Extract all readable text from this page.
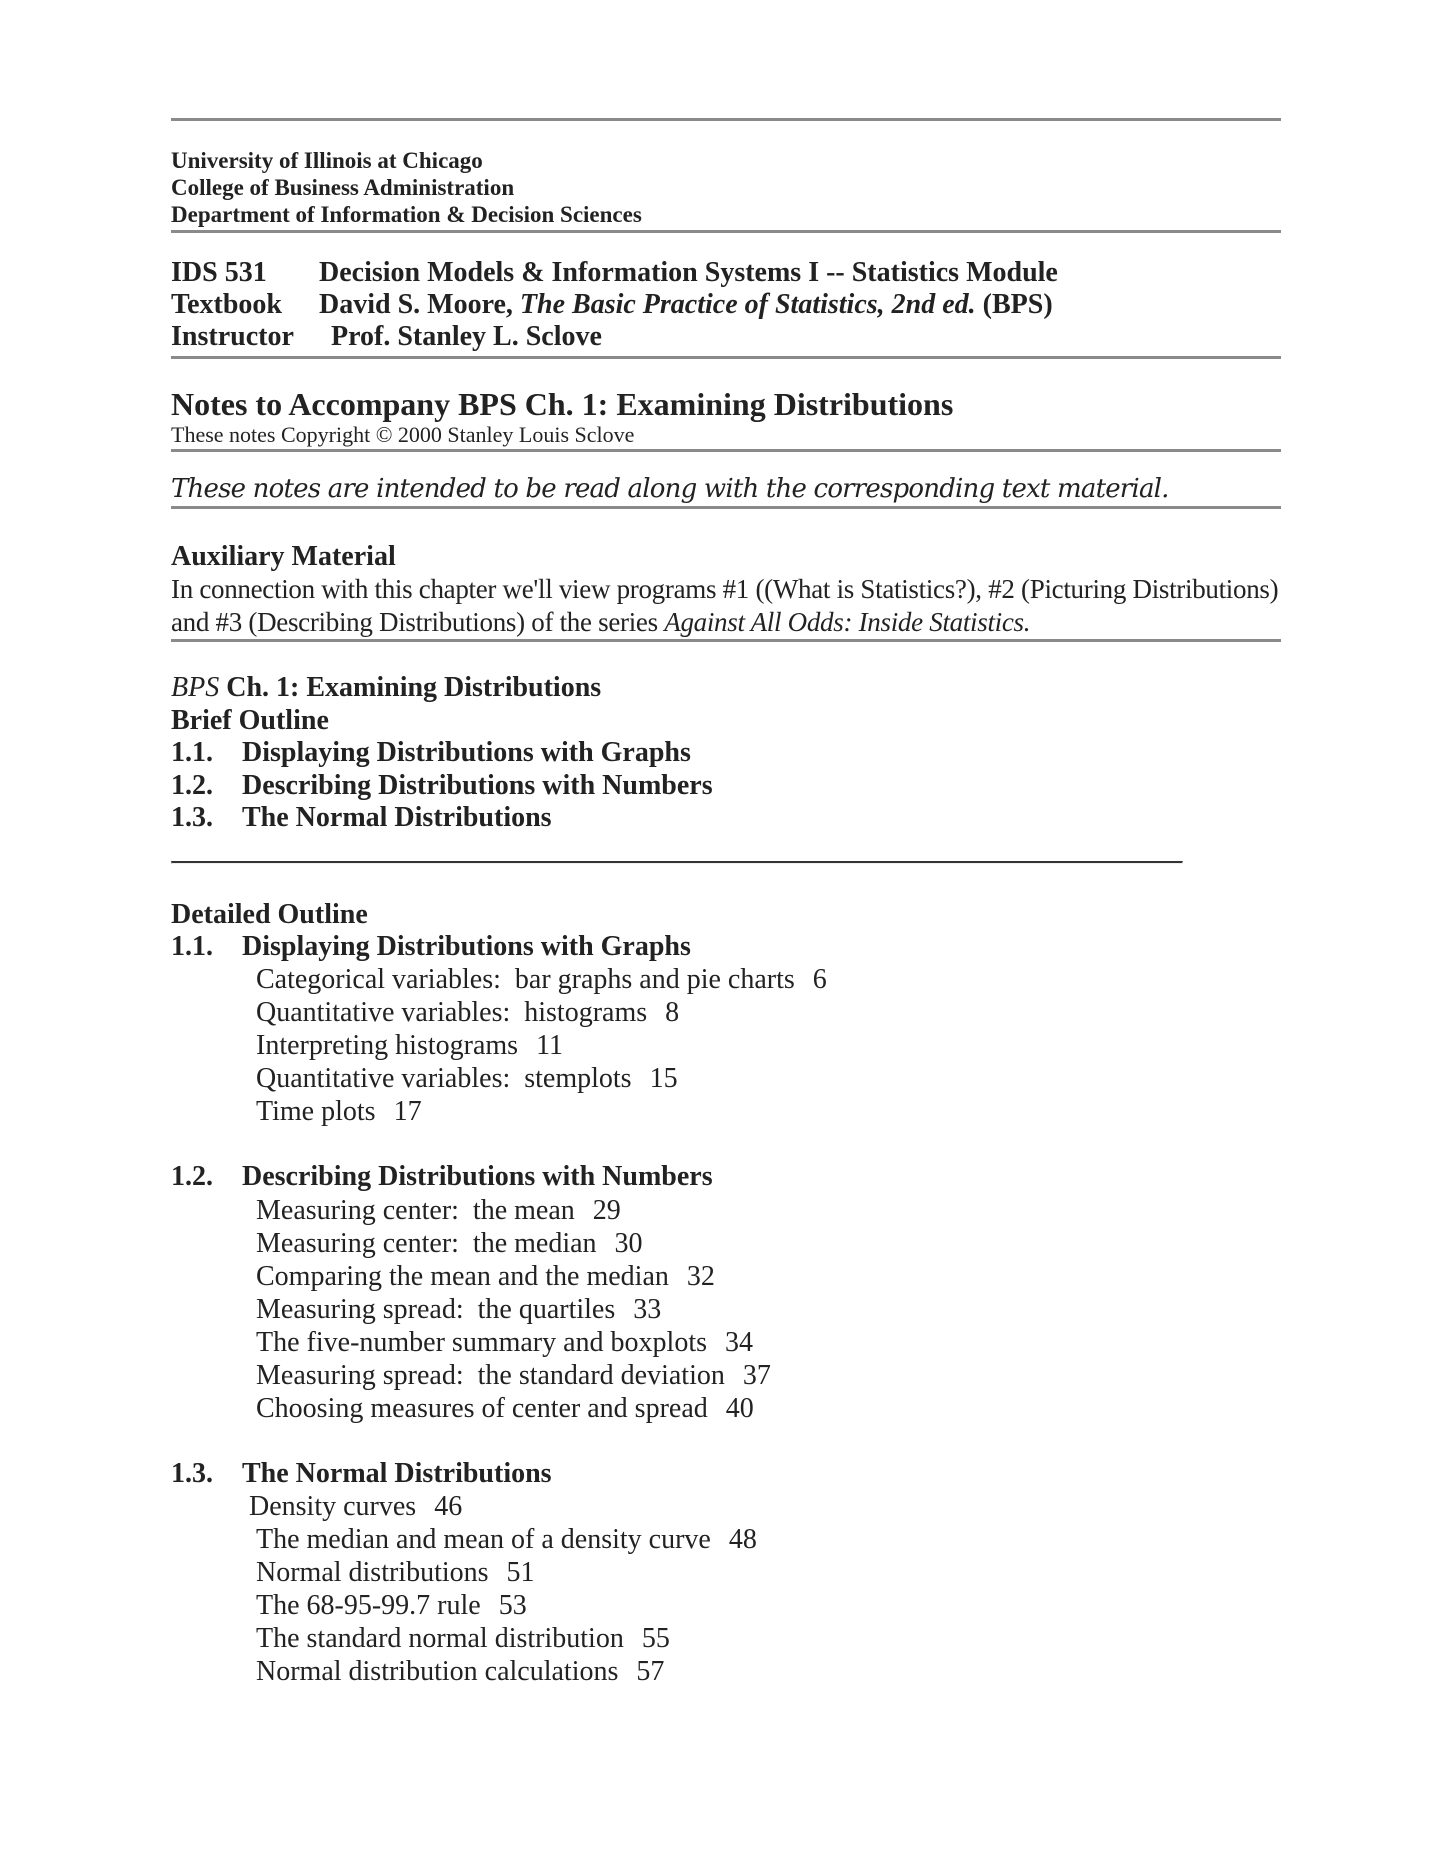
University of Illinois at Chicago
College of Business Administration
Department of Information & Decision Sciences
IDS 531	Decision Models & Information Systems I -- Statistics Module
Textbook	David S. Moore, The Basic Practice of Statistics, 2nd ed. (BPS)
Instructor	Prof. Stanley L. Sclove
Notes to Accompany BPS Ch. 1: Examining Distributions
These notes Copyright © 2000 Stanley Louis Sclove
These notes are intended to be read along with the corresponding text material.
Auxiliary Material
In connection with this chapter we'll view programs #1 ((What is Statistics?), #2 (Picturing Distributions) and #3 (Describing Distributions) of the series Against All Odds: Inside Statistics.
BPS Ch. 1: Examining Distributions
Brief Outline
1.1.	Displaying Distributions with Graphs
1.2.	Describing Distributions with Numbers
1.3.	The Normal Distributions
Detailed Outline
1.1.	Displaying Distributions with Graphs
Categorical variables:  bar graphs and pie charts 6
Quantitative variables:  histograms 8
Interpreting histograms 11
Quantitative variables:  stemplots 15
Time plots 17
1.2.	Describing Distributions with Numbers
Measuring center:  the mean 29
Measuring center:  the median 30
Comparing the mean and the median 32
Measuring spread:  the quartiles 33
The five-number summary and boxplots 34
Measuring spread:  the standard deviation 37
Choosing measures of center and spread 40
1.3.	The Normal Distributions
Density curves 46
The median and mean of a density curve 48
Normal distributions 51
The 68-95-99.7 rule 53
The standard normal distribution 55
Normal distribution calculations 57
